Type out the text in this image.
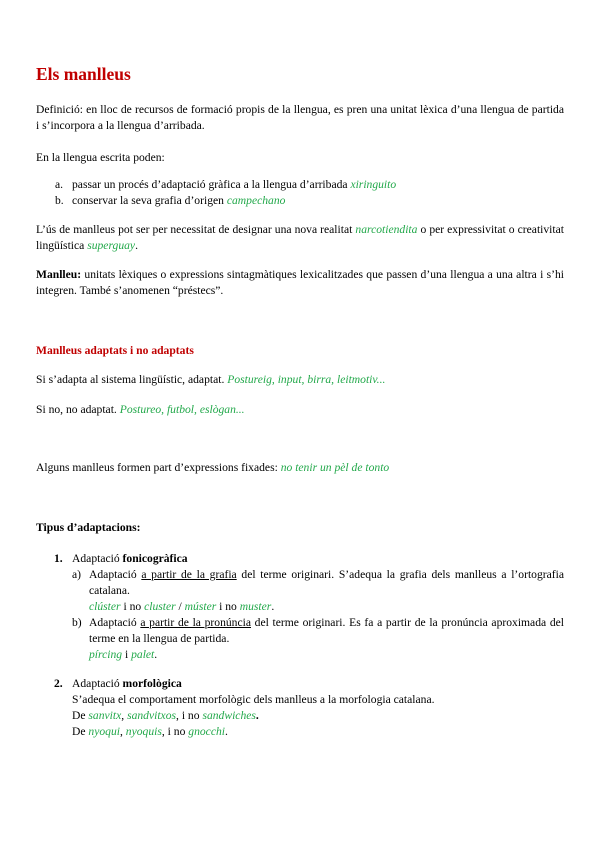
Els manlleus
Definició: en lloc de recursos de formació propis de la llengua, es pren una unitat lèxica d’una llengua de partida i s’incorpora a la llengua d’arribada.
En la llengua escrita poden:
a. passar un procés d’adaptació gràfica a la llengua d’arribada xiringuito
b. conservar la seva grafia d’origen campechano
L’ús de manlleus pot ser per necessitat de designar una nova realitat narcotienditа o per expressivitat o creativitat lingüística superguay.
Manlleu: unitats lèxiques o expressions sintagmàtiques lexicalitzades que passen d’una llengua a una altra i s’hi integren. També s’anomenen “préstecs”.
Manlleus adaptats i no adaptats
Si s’adapta al sistema lingüístic, adaptat. Postureig, input, birra, leitmotiv...
Si no, no adaptat. Postureo, futbol, eslògan...
Alguns manlleus formen part d’expressions fixades: no tenir un pèl de tonto
Tipus d’adaptacions:
1. Adaptació fonicogràfica
a) Adaptació a partir de la grafia del terme originari. S’adequa la grafia dels manlleus a l’ortografia catalana.
clúster i no cluster / múster i no muster.
b) Adaptació a partir de la pronúncia del terme originari. Es fa a partir de la pronúncia aproximada del terme en la llengua de partida.
pírcing i palet.
2. Adaptació morfològica
S’adequa el comportament morfològic dels manlleus a la morfologia catalana.
De sanvitx, sandvitxos, i no sandwiches.
De nyoqui, nyoquis, i no gnocchi.
